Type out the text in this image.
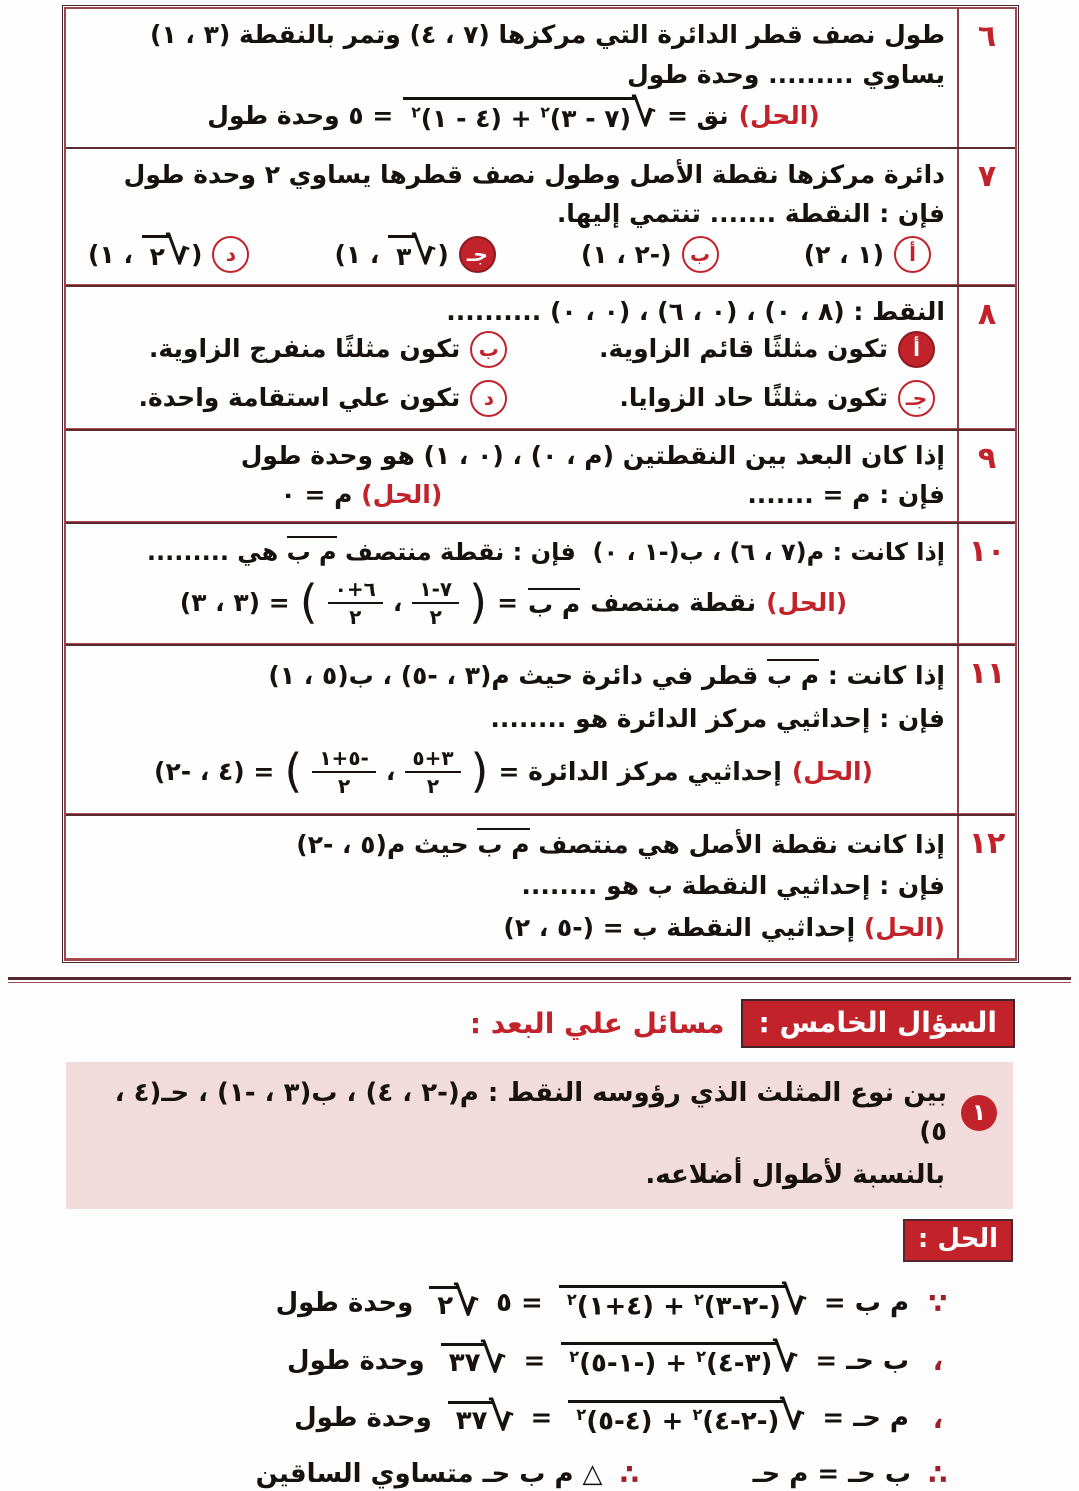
٦

طول نصف قطر الدائرة التي مركزها (٧ ، ٤) وتمر بالنقطة (٣ ، ١)

يساوي ......... وحدة طول

(الحل)
نق =
√
(٧ - ٣)$^٢$ + (٤ - ١)$^٢$
= ٥ وحدة طول

٧

دائرة مركزها نقطة الأصل وطول نصف قطرها يساوي ٢ وحدة طول

فإن : النقطة ....... تنتمي إليها.

أ
(١ ، ٢)
ب
(-٢ ، ١)
جـ
(
√
٣
، ١)
د
(
√
٢
، ١)
٨

النقط : (٨ ، ٠) ، (٠ ، ٦) ، (٠ ، ٠) ..........

أ
تكون مثلثًا قائم الزاوية.
ب
تكون مثلثًا منفرج الزاوية.
جـ
تكون مثلثًا حاد الزوايا.
د
تكون علي استقامة واحدة.
٩

إذا كان البعد بين النقطتين (م ، ٠) ، (٠ ، ١) هو وحدة طول

فإن : م = .......
(الحل) م = ٠

١٠

إذا كانت : م(٧ ، ٦) ، ب(-١ ، ٠)  فإن : نقطة منتصف م ب هي .........

(الحل)
نقطة منتصف
م ب
=
(
$\frac{٧-١}{٢}$
،
$\frac{٦+٠}{٢}$
)
= (٣ ، ٣)

١١

إذا كانت : م ب قطر في دائرة حيث م(٣ ، -٥) ، ب(٥ ، ١)

فإن : إحداثيي مركز الدائرة هو ........

(الحل)
إحداثيي مركز الدائرة =
(
$\frac{٣+٥}{٢}$
،
$\frac{-٥+١}{٢}$
)
= (٤ ، -٢)

١٢

إذا كانت نقطة الأصل هي منتصف م ب حيث م(٥ ، -٢)

فإن : إحداثيي النقطة ب هو ........

(الحل) إحداثيي النقطة ب = (-٥ ، ٢)

السؤال الخامس :
مسائل علي البعد :
١
بين نوع المثلث الذي رؤوسه النقط : م(-٢ ، ٤) ، ب(٣ ، -١) ، حـ(٤ ، ٥)
بالنسبة لأطوال أضلاعه.
الحل :
∵
م ب =
√
(-٢-٣)$^٢$ + (٤+١)$^٢$
= ٥
√
٢
وحدة طول
،
ب حـ =
√
(٣-٤)$^٢$ + (-١-٥)$^٢$
=
√
٣٧
وحدة طول
،
م حـ =
√
(-٢-٤)$^٢$ + (٤-٥)$^٢$
=
√
٣٧
وحدة طول
∴
ب حـ = م حـ
∴
△ م ب حـ متساوي الساقين
